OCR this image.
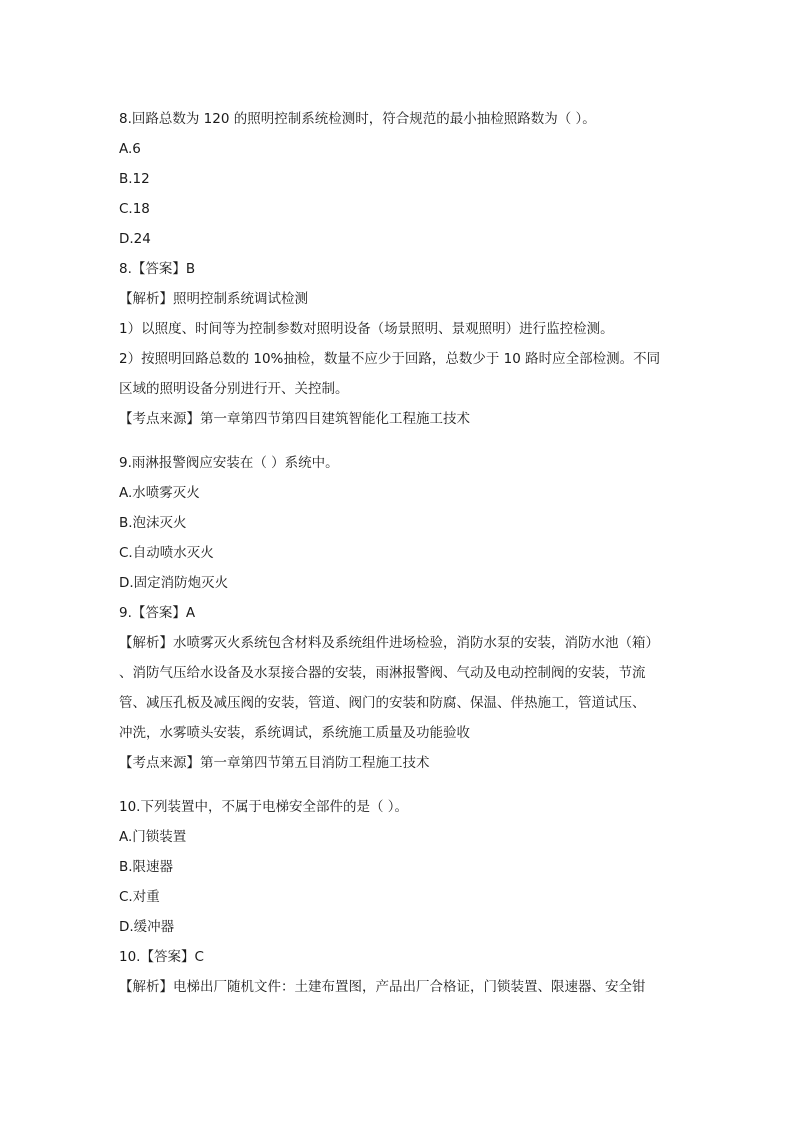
8.回路总数为 120 的照明控制系统检测时，符合规范的最小抽检照路数为（ ）。
A.6
B.12
C.18
D.24
8.【答案】B
【解析】照明控制系统调试检测
1）以照度、时间等为控制参数对照明设备（场景照明、景观照明）进行监控检测。
2）按照明回路总数的 10%抽检，数量不应少于回路，总数少于 10 路时应全部检测。不同
区域的照明设备分别进行开、关控制。
【考点来源】第一章第四节第四目建筑智能化工程施工技术
9.雨淋报警阀应安装在（ ）系统中。
A.水喷雾灭火
B.泡沫灭火
C.自动喷水灭火
D.固定消防炮灭火
9.【答案】A
【解析】水喷雾灭火系统包含材料及系统组件进场检验，消防水泵的安装，消防水池（箱）
、消防气压给水设备及水泵接合器的安装，雨淋报警阀、气动及电动控制阀的安装，节流
管、减压孔板及减压阀的安装，管道、阀门的安装和防腐、保温、伴热施工，管道试压、
冲洗，水雾喷头安装，系统调试，系统施工质量及功能验收
【考点来源】第一章第四节第五目消防工程施工技术
10.下列装置中，不属于电梯安全部件的是（ ）。
A.门锁装置
B.限速器
C.对重
D.缓冲器
10.【答案】C
【解析】电梯出厂随机文件：土建布置图，产品出厂合格证，门锁装置、限速器、安全钳
